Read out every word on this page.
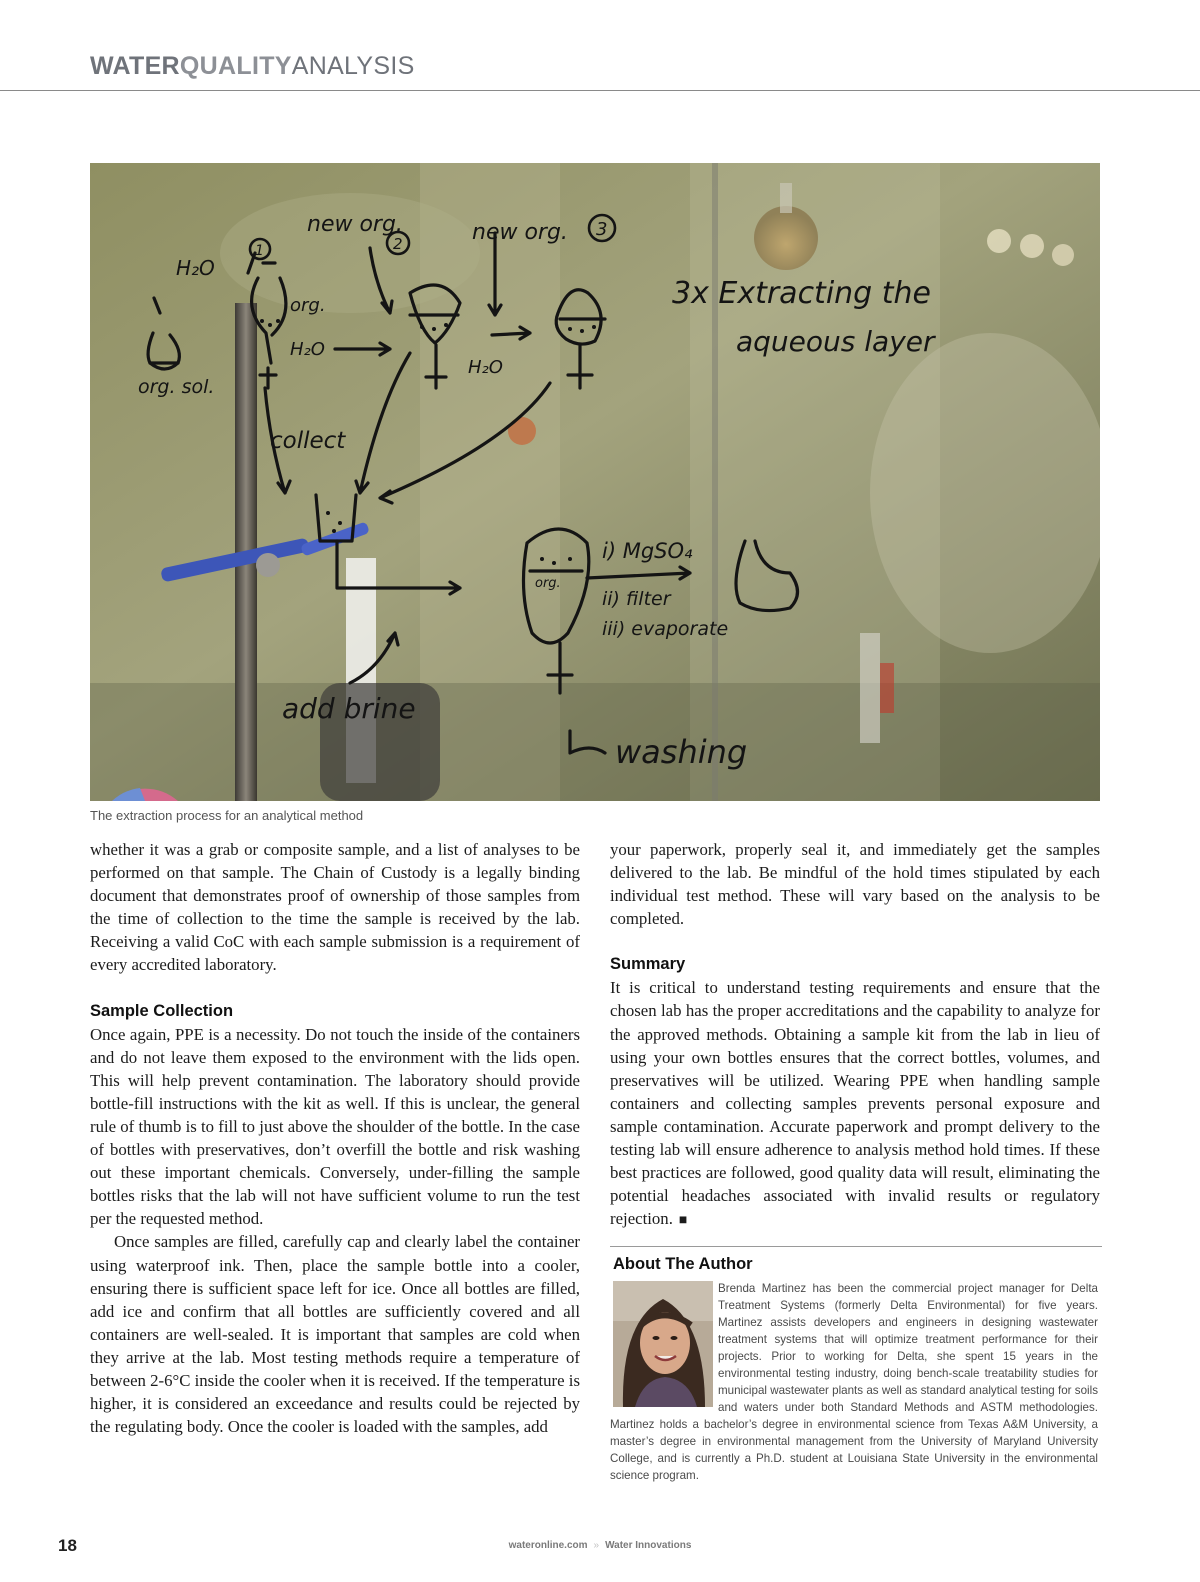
WATERQUALITYANALYSIS
H₂O
1
new org.
2	new org. 3
3x Extracting the
aqueous layer
org.
H₂O
H₂O
org. sol.
collect
i) MgSO₄
ii) filter
iii) evaporate
org.
add brine
washing
The extraction process for an analytical method

whether it was a grab or composite sample, and a list of analyses to be performed on that sample. The Chain of Custody is a legally binding document that demonstrates proof of ownership of those samples from the time of collection to the time the sample is received by the lab. Receiving a valid CoC with each sample submission is a requirement of every accredited laboratory.

Sample Collection

Once again, PPE is a necessity. Do not touch the inside of the containers and do not leave them exposed to the environment with the lids open. This will help prevent contamination. The laboratory should provide bottle-fill instructions with the kit as well. If this is unclear, the general rule of thumb is to fill to just above the shoulder of the bottle. In the case of bottles with preservatives, don’t overfill the bottle and risk washing out these important chemicals. Conversely, under-filling the sample bottles risks that the lab will not have sufficient volume to run the test per the requested method.

Once samples are filled, carefully cap and clearly label the container using waterproof ink. Then, place the sample bottle into a cooler, ensuring there is sufficient space left for ice. Once all bottles are filled, add ice and confirm that all bottles are sufficiently covered and all containers are well-sealed. It is important that samples are cold when they arrive at the lab. Most testing methods require a temperature of between 2-6°C inside the cooler when it is received. If the temperature is higher, it is considered an exceedance and results could be rejected by the regulating body. Once the cooler is loaded with the samples, add

your paperwork, properly seal it, and immediately get the samples delivered to the lab. Be mindful of the hold times stipulated by each individual test method. These will vary based on the analysis to be completed.

Summary

It is critical to understand testing requirements and ensure that the chosen lab has the proper accreditations and the capability to analyze for the approved methods. Obtaining a sample kit from the lab in lieu of using your own bottles ensures that the correct bottles, volumes, and preservatives will be utilized. Wearing PPE when handling sample containers and collecting samples prevents personal exposure and sample contamination. Accurate paperwork and prompt delivery to the testing lab will ensure adherence to analysis method hold times. If these best practices are followed, good quality data will result, eliminating the potential headaches associated with invalid results or regulatory rejection. ■

About The Author
Brenda Martinez has been the commercial project manager for Delta Treatment Systems (formerly Delta Environmental) for five years. Martinez assists developers and engineers in designing wastewater treatment systems that will optimize treatment performance for their projects. Prior to working for Delta, she spent 15 years in the environmental testing industry, doing bench-scale treatability studies for municipal wastewater plants as well as standard analytical testing for soils and waters under both Standard Methods and ASTM methodologies. Martinez holds a bachelor’s degree in environmental science from Texas A&M University, a master’s degree in environmental management from the University of Maryland University College, and is currently a Ph.D. student at Louisiana State University in the environmental science program.
18	wateronline.com » Water Innovations
